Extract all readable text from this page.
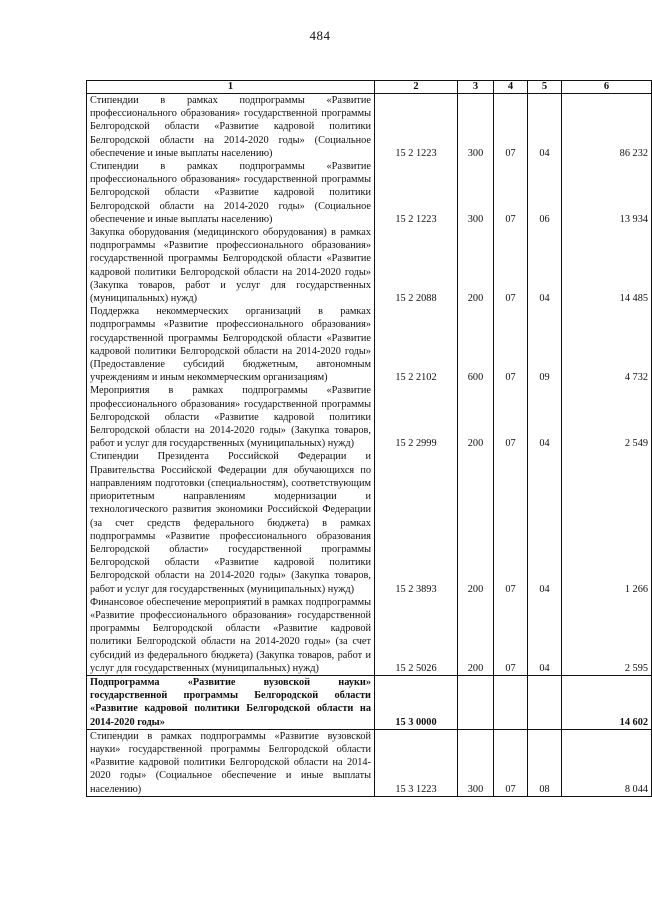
484
1	2	3	4	5	6
Стипендии в рамках подпрограммы «Развитие профессионального образования» государственной программы Белгородской области «Развитие кадровой политики Белгородской области на 2014-2020 годы» (Социальное обеспечение и иные выплаты населению)	15 2 1223	300	07	04	86 232
Стипендии в рамках подпрограммы «Развитие профессионального образования» государственной программы Белгородской области «Развитие кадровой политики Белгородской области на 2014-2020 годы» (Социальное обеспечение и иные выплаты населению)	15 2 1223	300	07	06	13 934
Закупка оборудования (медицинского оборудования) в рамках подпрограммы «Развитие профессионального образования» государственной программы Белгородской области «Развитие кадровой политики Белгородской области на 2014-2020 годы» (Закупка товаров, работ и услуг для государственных (муниципальных) нужд)	15 2 2088	200	07	04	14 485
Поддержка некоммерческих организаций в рамках подпрограммы «Развитие профессионального образования» государственной программы Белгородской области «Развитие кадровой политики Белгородской области на 2014-2020 годы» (Предоставление субсидий бюджетным, автономным учреждениям и иным некоммерческим организациям)	15 2 2102	600	07	09	4 732
Мероприятия в рамках подпрограммы «Развитие профессионального образования» государственной программы Белгородской области «Развитие кадровой политики Белгородской области на 2014-2020 годы» (Закупка товаров, работ и услуг для государственных (муниципальных) нужд)	15 2 2999	200	07	04	2 549
Стипендии Президента Российской Федерации и Правительства Российской Федерации для обучающихся по направлениям подготовки (специальностям), соответствующим приоритетным направлениям модернизации и технологического развития экономики Российской Федерации (за счет средств федерального бюджета) в рамках подпрограммы «Развитие профессионального образования Белгородской области» государственной программы Белгородской области «Развитие кадровой политики Белгородской области на 2014-2020 годы» (Закупка товаров, работ и услуг для государственных (муниципальных) нужд)	15 2 3893	200	07	04	1 266
Финансовое обеспечение мероприятий в рамках подпрограммы «Развитие профессионального образования» государственной программы Белгородской области «Развитие кадровой политики Белгородской области на 2014-2020 годы» (за счет субсидий из федерального бюджета) (Закупка товаров, работ и услуг для государственных (муниципальных) нужд)	15 2 5026	200	07	04	2 595
Подпрограмма «Развитие вузовской науки» государственной программы Белгородской области «Развитие кадровой политики Белгородской области на 2014-2020 годы»	15 3 0000				14 602
Стипендии в рамках подпрограммы «Развитие вузовской науки» государственной программы Белгородской области «Развитие кадровой политики Белгородской области на 2014-2020 годы» (Социальное обеспечение и иные выплаты населению)	15 3 1223	300	07	08	8 044
